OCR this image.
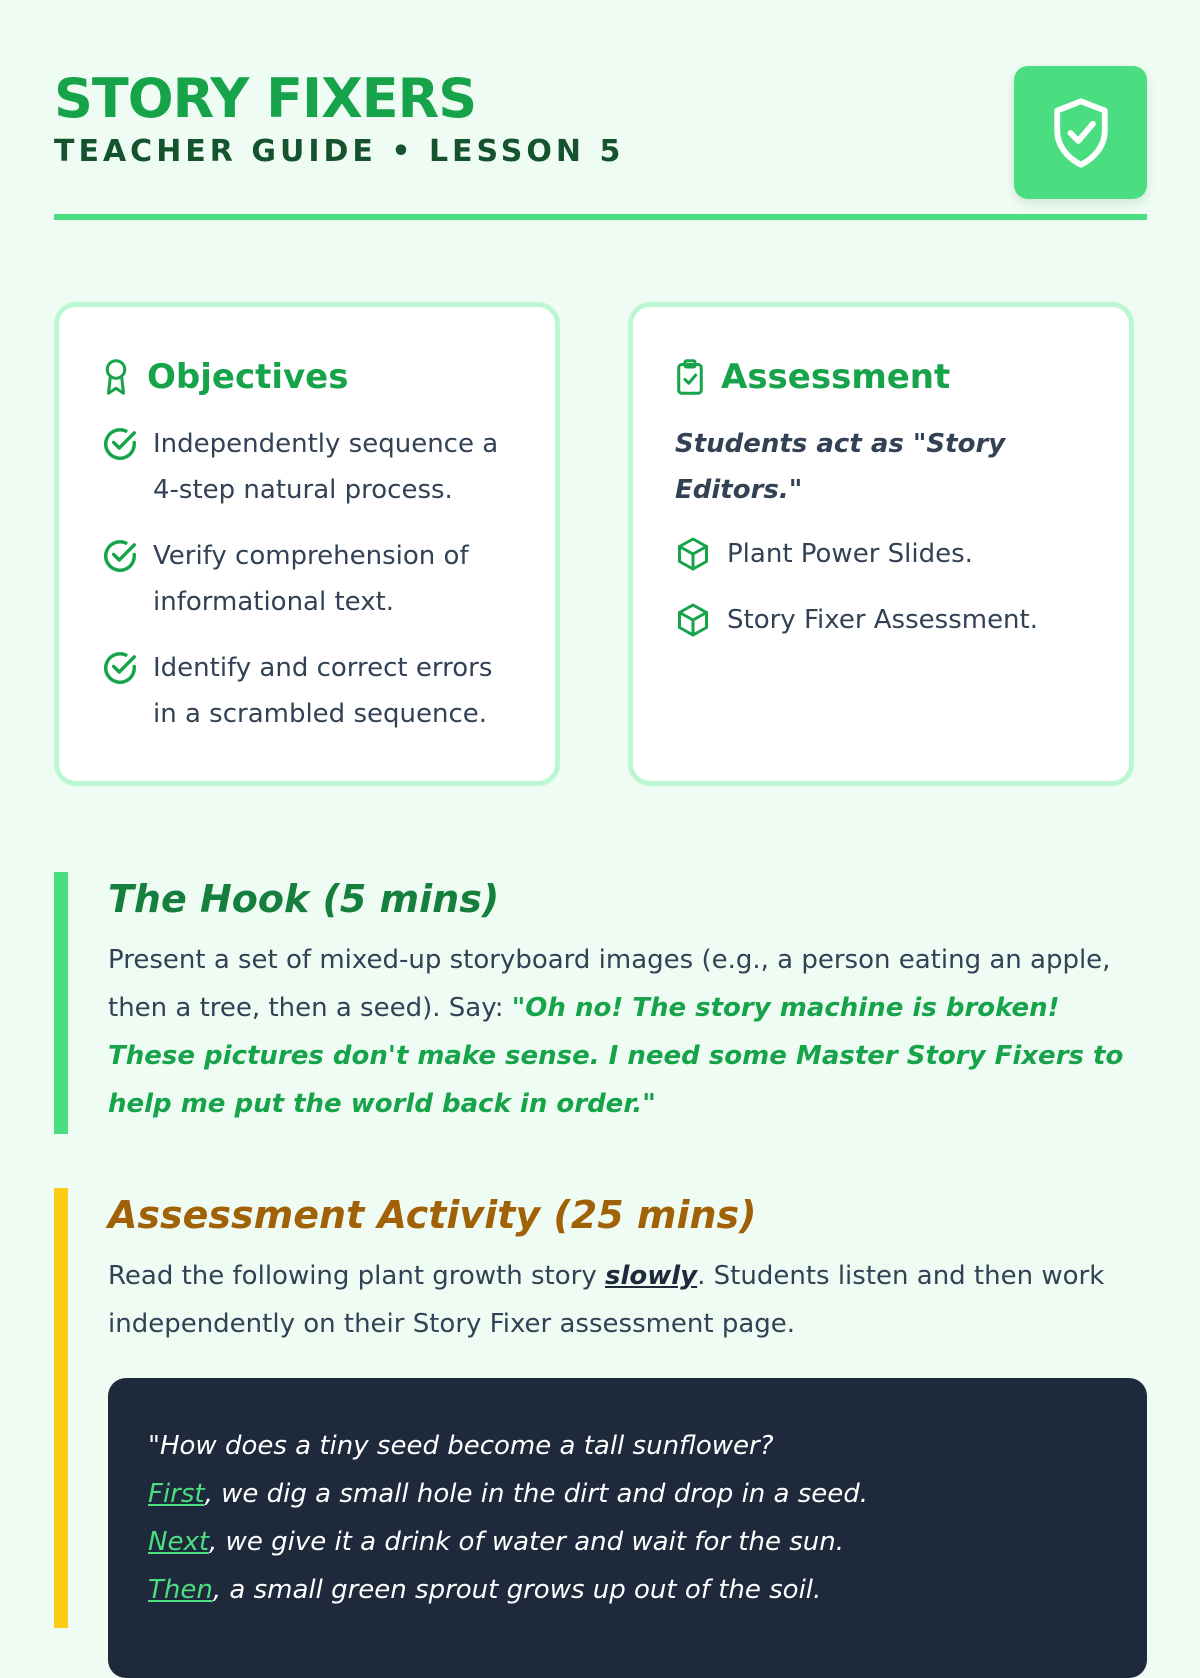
STORY FIXERS
TEACHER GUIDE • LESSON 5
Objectives
Independently sequence a 4-step natural process.
Verify comprehension of informational text.
Identify and correct errors in a scrambled sequence.
Assessment

Students act as "Story Editors."

Plant Power Slides.
Story Fixer Assessment.
The Hook (5 mins)

Present a set of mixed-up storyboard images (e.g., a person eating an apple, then a tree, then a seed). Say: "Oh no! The story machine is broken! These pictures don't make sense. I need some Master Story Fixers to help me put the world back in order."

Assessment Activity (25 mins)

Read the following plant growth story slowly. Students listen and then work independently on their Story Fixer assessment page.

"How does a tiny seed become a tall sunflower?
First, we dig a small hole in the dirt and drop in a seed.
Next, we give it a drink of water and wait for the sun.
Then, a small green sprout grows up out of the soil.
